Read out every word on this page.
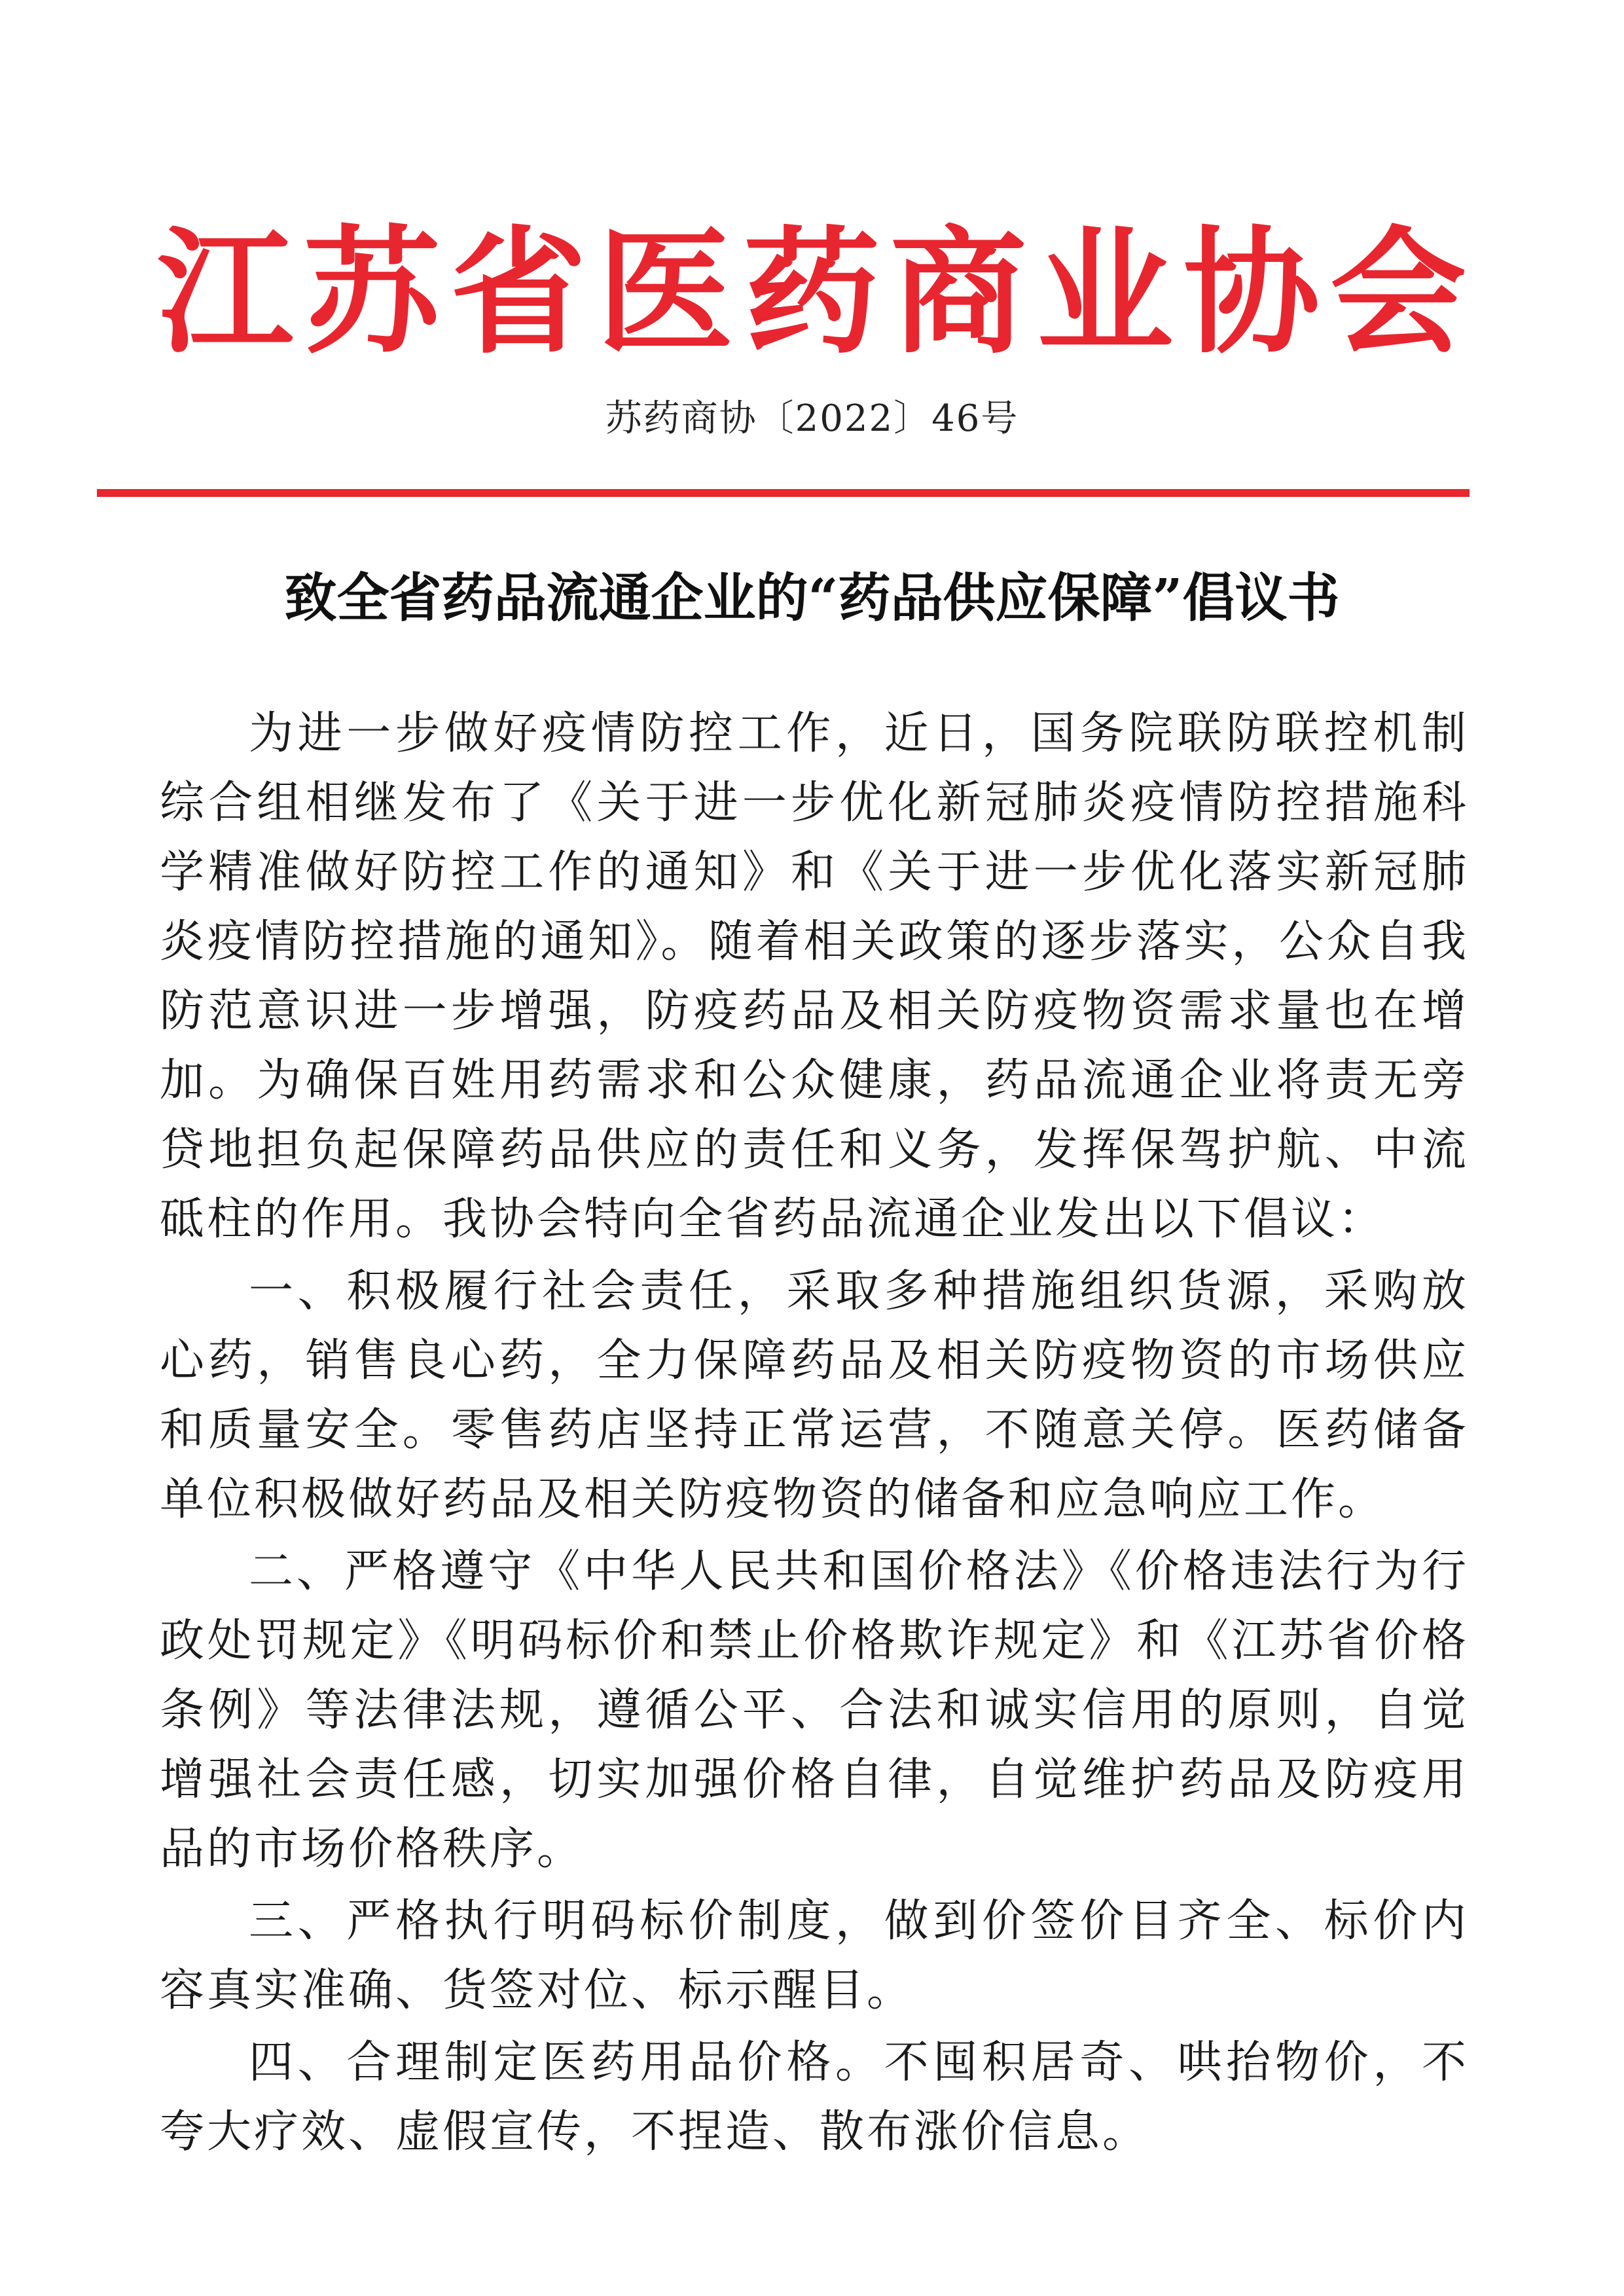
江苏省医药商业协会
苏药商协〔2022〕46号
致全省药品流通企业的“药品供应保障”倡议书

为进一步做好疫情防控工作，近日，国务院联防联控机制综合组相继发布了《关于进一步优化新冠肺炎疫情防控措施科学精准做好防控工作的通知》和《关于进一步优化落实新冠肺炎疫情防控措施的通知》。随着相关政策的逐步落实，公众自我防范意识进一步增强，防疫药品及相关防疫物资需求量也在增加。为确保百姓用药需求和公众健康，药品流通企业将责无旁贷地担负起保障药品供应的责任和义务，发挥保驾护航、中流砥柱的作用。我协会特向全省药品流通企业发出以下倡议：

一、积极履行社会责任，采取多种措施组织货源，采购放心药，销售良心药，全力保障药品及相关防疫物资的市场供应和质量安全。零售药店坚持正常运营，不随意关停。医药储备单位积极做好药品及相关防疫物资的储备和应急响应工作。

二、严格遵守《中华人民共和国价格法》《价格违法行为行政处罚规定》《明码标价和禁止价格欺诈规定》和《江苏省价格条例》等法律法规，遵循公平、合法和诚实信用的原则，自觉增强社会责任感，切实加强价格自律，自觉维护药品及防疫用品的市场价格秩序。

三、严格执行明码标价制度，做到价签价目齐全、标价内容真实准确、货签对位、标示醒目。

四、合理制定医药用品价格。不囤积居奇、哄抬物价，不夸大疗效、虚假宣传，不捏造、散布涨价信息。
